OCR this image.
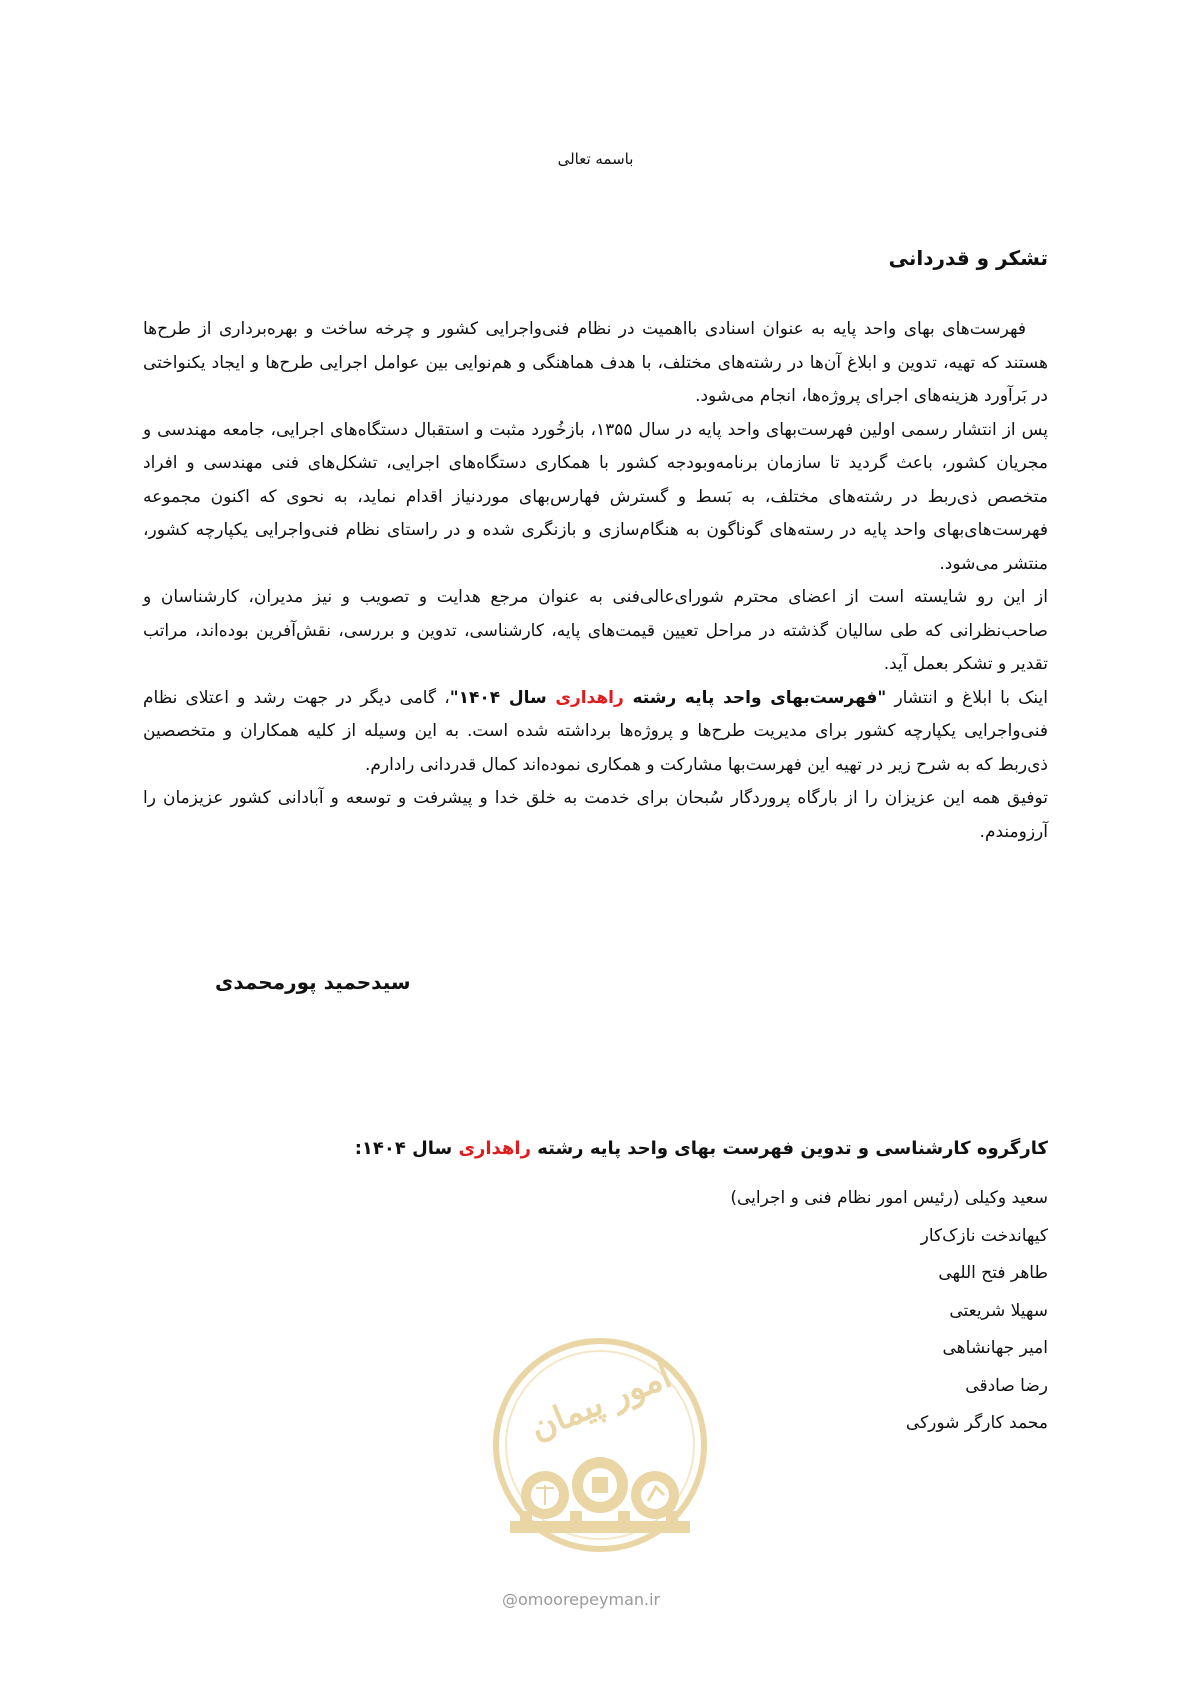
باسمه تعالی
تشکر و قدردانی

فهرست‌های بهای واحد پایه به عنوان اسنادی بااهمیت در نظام فنی‌واجرایی کشور و چرخه ساخت و بهره‌برداری از طرح‌ها هستند که تهیه، تدوین و ابلاغ آن‌ها در رشته‌های مختلف، با هدف هماهنگی و هم‌نوایی بین عوامل اجرایی طرح‌ها و ایجاد یکنواختی در بَرآورد هزینه‌های اجرای پروژه‌ها، انجام می‌شود.

پس از انتشار رسمی اولین فهرست‌بهای واحد پایه در سال ۱۳۵۵، بازخُورد مثبت و استقبال دستگاه‌های اجرایی، جامعه مهندسی و مجریان کشور، باعث گردید تا سازمان برنامه‌وبودجه کشور با همکاری دستگاه‌های اجرایی، تشکل‌های فنی مهندسی و افراد متخصص ذی‌ربط در رشته‌های مختلف، به بَسط و گسترش فهارس‌بهای موردنیاز اقدام نماید، به نحوی که اکنون مجموعه فهرست‌های‌بهای واحد پایه در رسته‌های گوناگون به هنگام‌سازی و بازنگری شده و در راستای نظام فنی‌واجرایی یکپارچه کشور، منتشر می‌شود.

از این رو شایسته است از اعضای محترم شورای‌عالی‌فنی به عنوان مرجع هدایت و تصویب و نیز مدیران، کارشناسان و صاحب‌نظرانی که طی سالیان گذشته در مراحل تعیین قیمت‌های پایه، کارشناسی، تدوین و بررسی، نقش‌آفرین بوده‌اند، مراتب تقدیر و تشکر بعمل آید.

اینک با ابلاغ و انتشار "فهرست‌بهای واحد پایه رشته راهداری سال ۱۴۰۴"، گامی دیگر در جهت رشد و اعتلای نظام فنی‌واجرایی یکپارچه کشور برای مدیریت طرح‌ها و پروژه‌ها برداشته شده است. به این وسیله از کلیه همکاران و متخصصین ذی‌ربط که به شرح زیر در تهیه این فهرست‌بها مشارکت و همکاری نموده‌اند کمال قدردانی رادارم.

توفیق همه این عزیزان را از بارگاه پروردگار سُبحان برای خدمت به خلق خدا و پیشرفت و توسعه و آبادانی کشور عزیزمان را آرزومندم.

سیدحمید پورمحمدی
کارگروه کارشناسی و تدوین فهرست بهای واحد پایه رشته راهداری سال ۱۴۰۴:
سعید وکیلی (رئیس امور نظام فنی و اجرایی)
کیهاندخت نازک‌کار
طاهر فتح اللهی
سهیلا شریعتی
امیر جهانشاهی
رضا صادقی
محمد کارگر شورکی
امور پیمان
@omoorepeyman.ir
